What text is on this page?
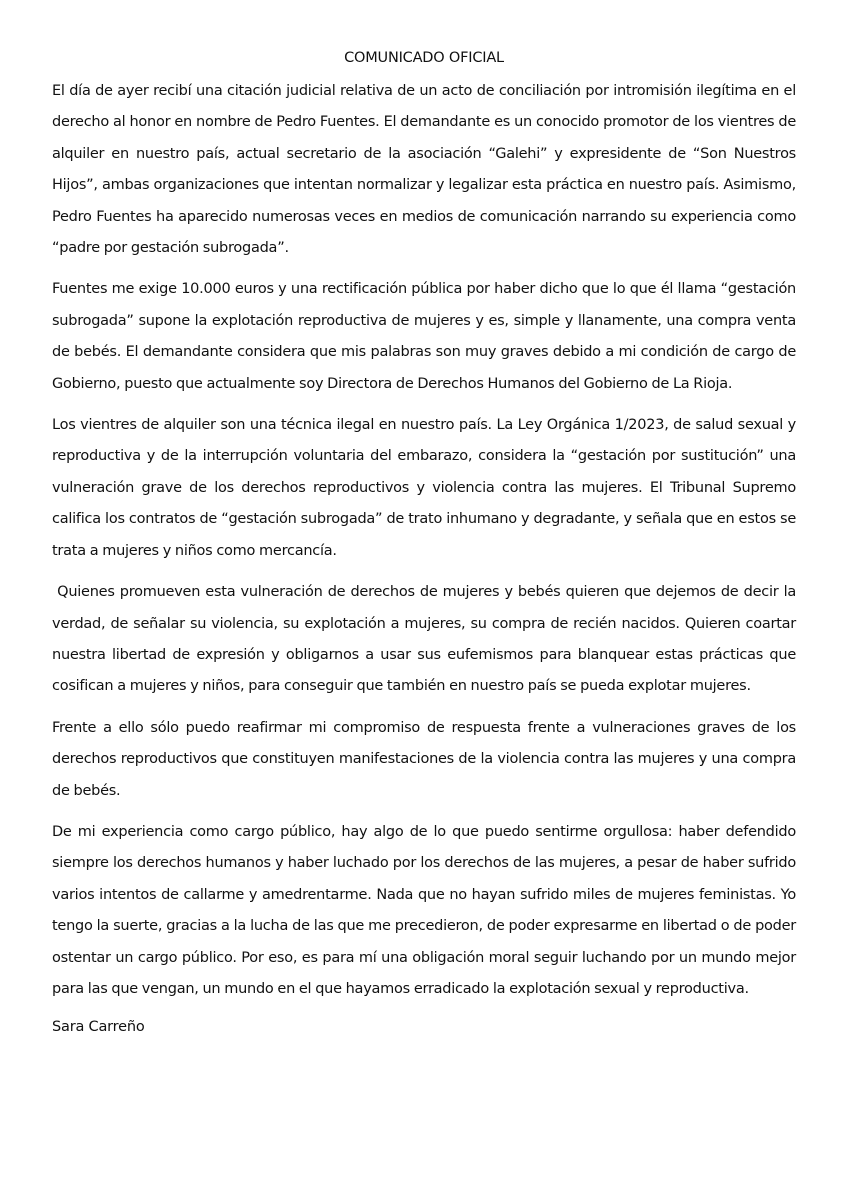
COMUNICADO OFICIAL

El día de ayer recibí una citación judicial relativa de un acto de conciliación por intromisión ilegítima en el derecho al honor en nombre de Pedro Fuentes. El demandante es un conocido promotor de los vientres de alquiler en nuestro país, actual secretario de la asociación “Galehi” y expresidente de “Son Nuestros Hijos”, ambas organizaciones que intentan normalizar y legalizar esta práctica en nuestro país. Asimismo, Pedro Fuentes ha aparecido numerosas veces en medios de comunicación narrando su experiencia como “padre por gestación subrogada”.

Fuentes me exige 10.000 euros y una rectificación pública por haber dicho que lo que él llama “gestación subrogada” supone la explotación reproductiva de mujeres y es, simple y llanamente, una compra venta de bebés. El demandante considera que mis palabras son muy graves debido a mi condición de cargo de Gobierno, puesto que actualmente soy Directora de Derechos Humanos del Gobierno de La Rioja.

Los vientres de alquiler son una técnica ilegal en nuestro país. La Ley Orgánica 1/2023, de salud sexual y reproductiva y de la interrupción voluntaria del embarazo, considera la “gestación por sustitución” una vulneración grave de los derechos reproductivos y violencia contra las mujeres. El Tribunal Supremo califica los contratos de “gestación subrogada” de trato inhumano y degradante, y señala que en estos se trata a mujeres y niños como mercancía.

Quienes promueven esta vulneración de derechos de mujeres y bebés quieren que dejemos de decir la verdad, de señalar su violencia, su explotación a mujeres, su compra de recién nacidos. Quieren coartar nuestra libertad de expresión y obligarnos a usar sus eufemismos para blanquear estas prácticas que cosifican a mujeres y niños, para conseguir que también en nuestro país se pueda explotar mujeres.

Frente a ello sólo puedo reafirmar mi compromiso de respuesta frente a vulneraciones graves de los derechos reproductivos que constituyen manifestaciones de la violencia contra las mujeres y una compra de bebés.

De mi experiencia como cargo público, hay algo de lo que puedo sentirme orgullosa: haber defendido siempre los derechos humanos y haber luchado por los derechos de las mujeres, a pesar de haber sufrido varios intentos de callarme y amedrentarme. Nada que no hayan sufrido miles de mujeres feministas. Yo tengo la suerte, gracias a la lucha de las que me precedieron, de poder expresarme en libertad o de poder ostentar un cargo público. Por eso, es para mí una obligación moral seguir luchando por un mundo mejor para las que vengan, un mundo en el que hayamos erradicado la explotación sexual y reproductiva.

Sara Carreño
